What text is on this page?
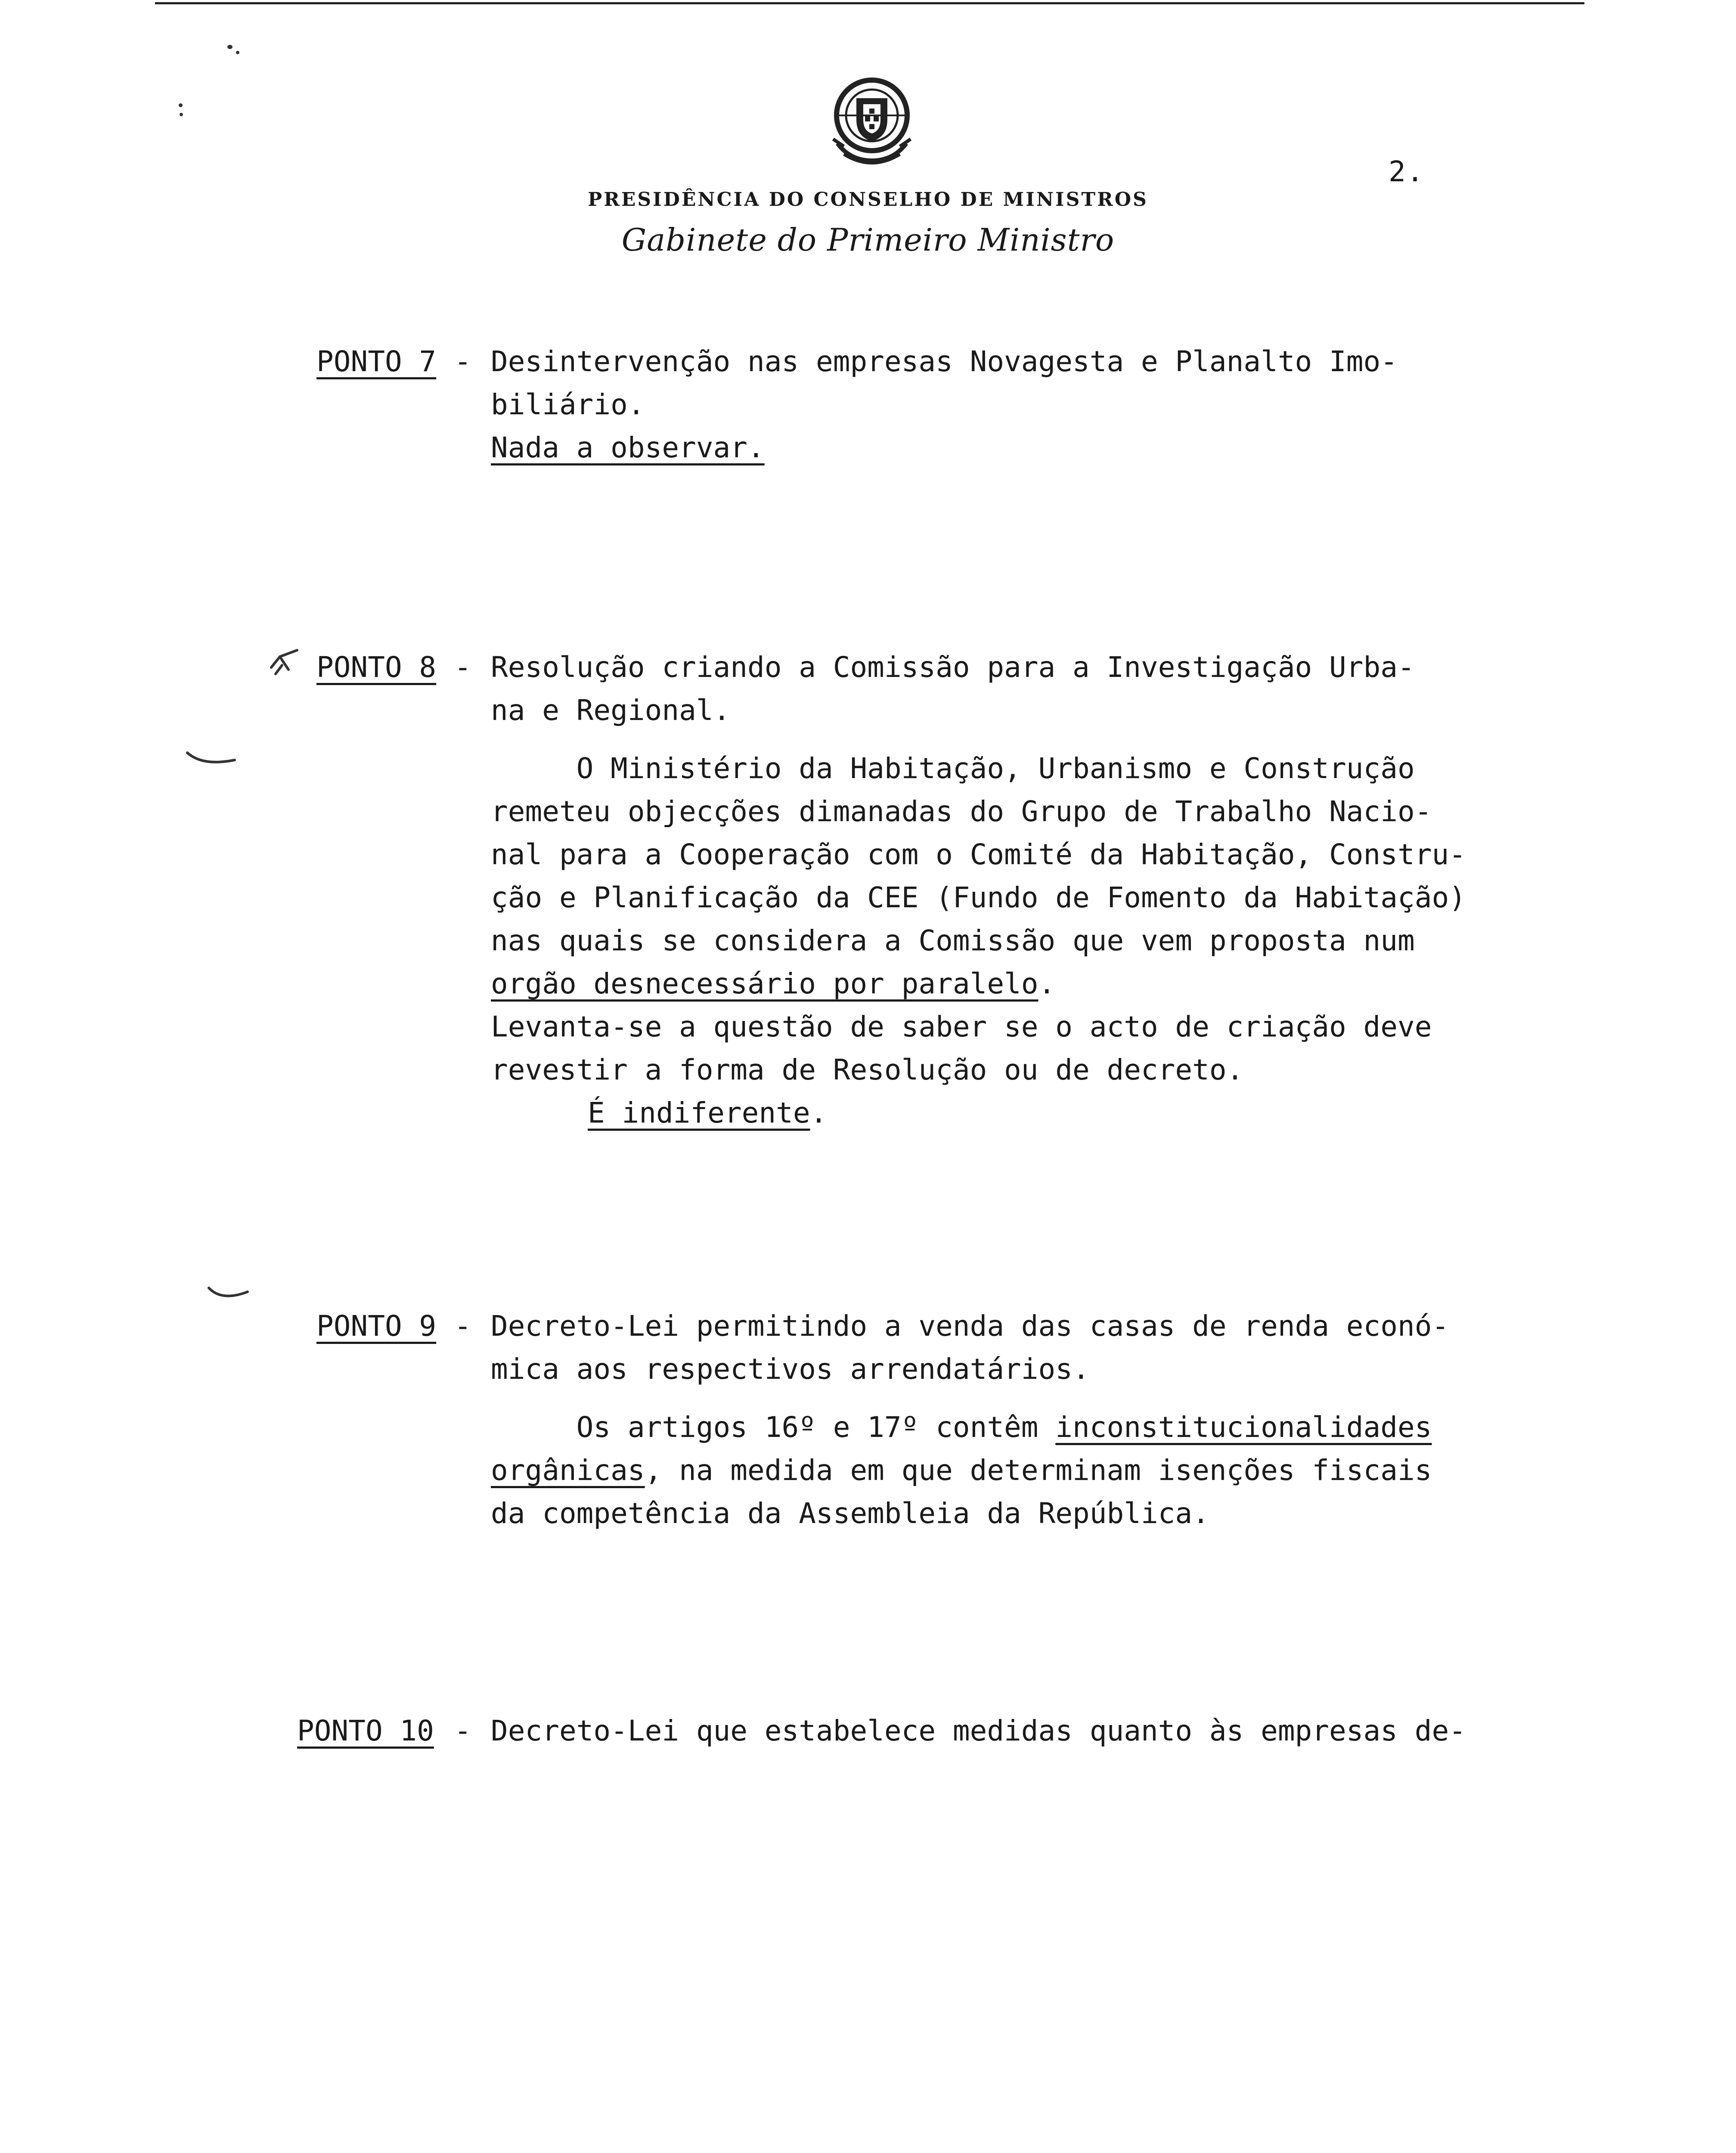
2.
PRESIDÊNCIA DO CONSELHO DE MINISTROS
Gabinete do Primeiro Ministro
PONTO 7 - Desintervenção nas empresas Novagesta e Planalto Imo-
biliário.
Nada a observar.
PONTO 8 - Resolução criando a Comissão para a Investigação Urba-
na e Regional.
O Ministério da Habitação, Urbanismo e Construção
remeteu objecções dimanadas do Grupo de Trabalho Nacio-
nal para a Cooperação com o Comité da Habitação, Constru-
ção e Planificação da CEE (Fundo de Fomento da Habitação)
nas quais se considera a Comissão que vem proposta num
orgão desnecessário por paralelo.
Levanta-se a questão de saber se o acto de criação deve
revestir a forma de Resolução ou de decreto.
É indiferente.
PONTO 9 - Decreto-Lei permitindo a venda das casas de renda econó-
mica aos respectivos arrendatários.
Os artigos 16º e 17º contêm inconstitucionalidades
orgânicas, na medida em que determinam isenções fiscais
da competência da Assembleia da República.
PONTO 10 - Decreto-Lei que estabelece medidas quanto às empresas de-
